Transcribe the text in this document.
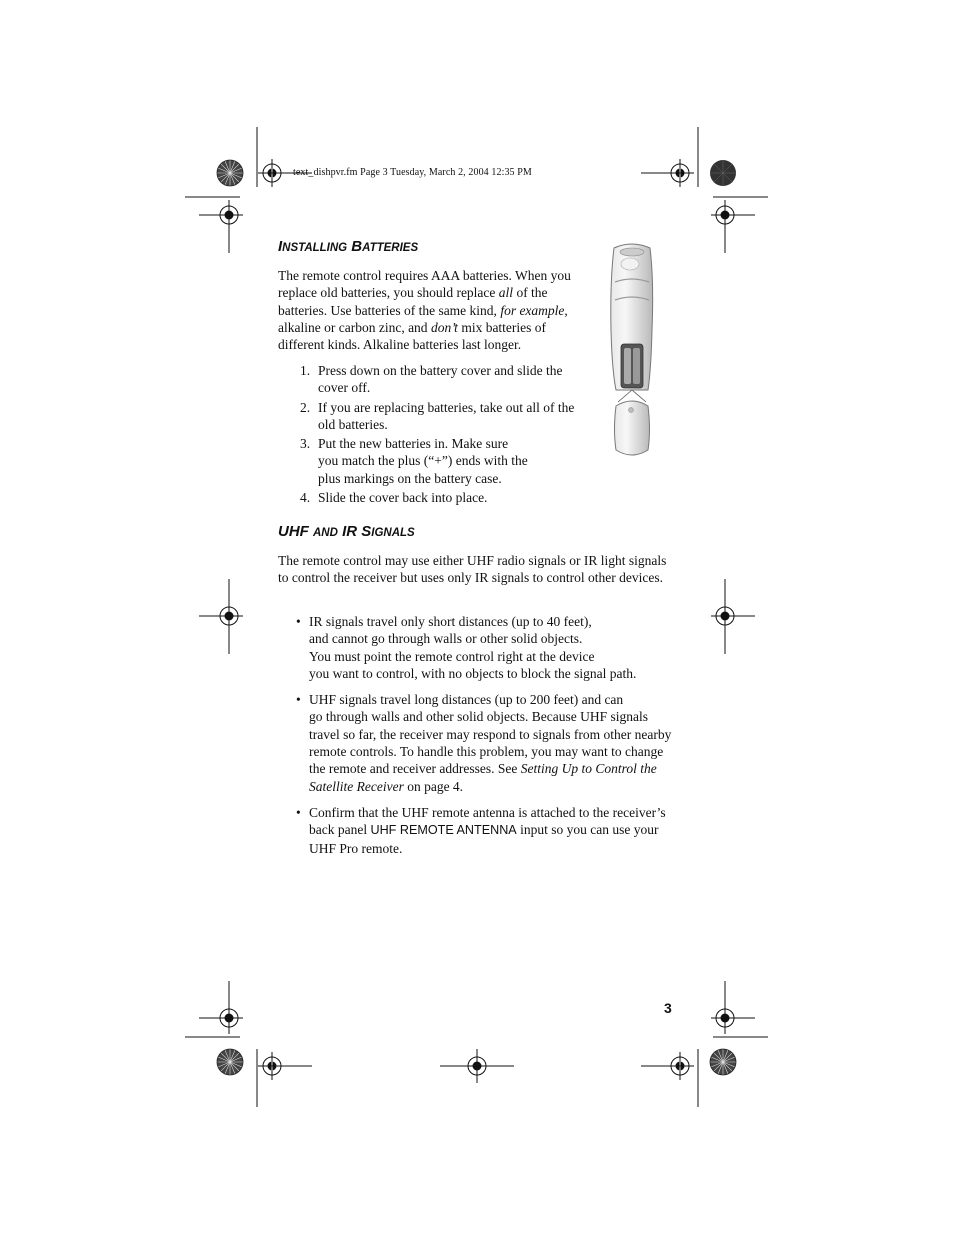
text_dishpvr.fm Page 3 Tuesday, March 2, 2004 12:35 PM
INSTALLING BATTERIES

The remote control requires AAA batteries. When you replace old batteries, you should replace all of the batteries. Use batteries of the same kind, for example, alkaline or carbon zinc, and don’t mix batteries of different kinds. Alkaline batteries last longer.

1. Press down on the battery cover and slide the cover off.
2. If you are replacing batteries, take out all of the old batteries.
3. Put the new batteries in. Make sure
you match the plus (“+”) ends with the
plus markings on the battery case.
4. Slide the cover back into place.
UHF AND IR SIGNALS

The remote control may use either UHF radio signals or IR light signals to control the receiver but uses only IR signals to control other devices.

• IR signals travel only short distances (up to 40 feet),
and cannot go through walls or other solid objects.
You must point the remote control right at the device
you want to control, with no objects to block the signal path.
• UHF signals travel long distances (up to 200 feet) and can
go through walls and other solid objects. Because UHF signals travel so far, the receiver may respond to signals from other nearby remote controls. To handle this problem, you may want to change the remote and receiver addresses. See Setting Up to Control the Satellite Receiver on page 4.
• Confirm that the UHF remote antenna is attached to the receiver’s back panel UHF REMOTE ANTENNA input so you can use your UHF Pro remote.
3
